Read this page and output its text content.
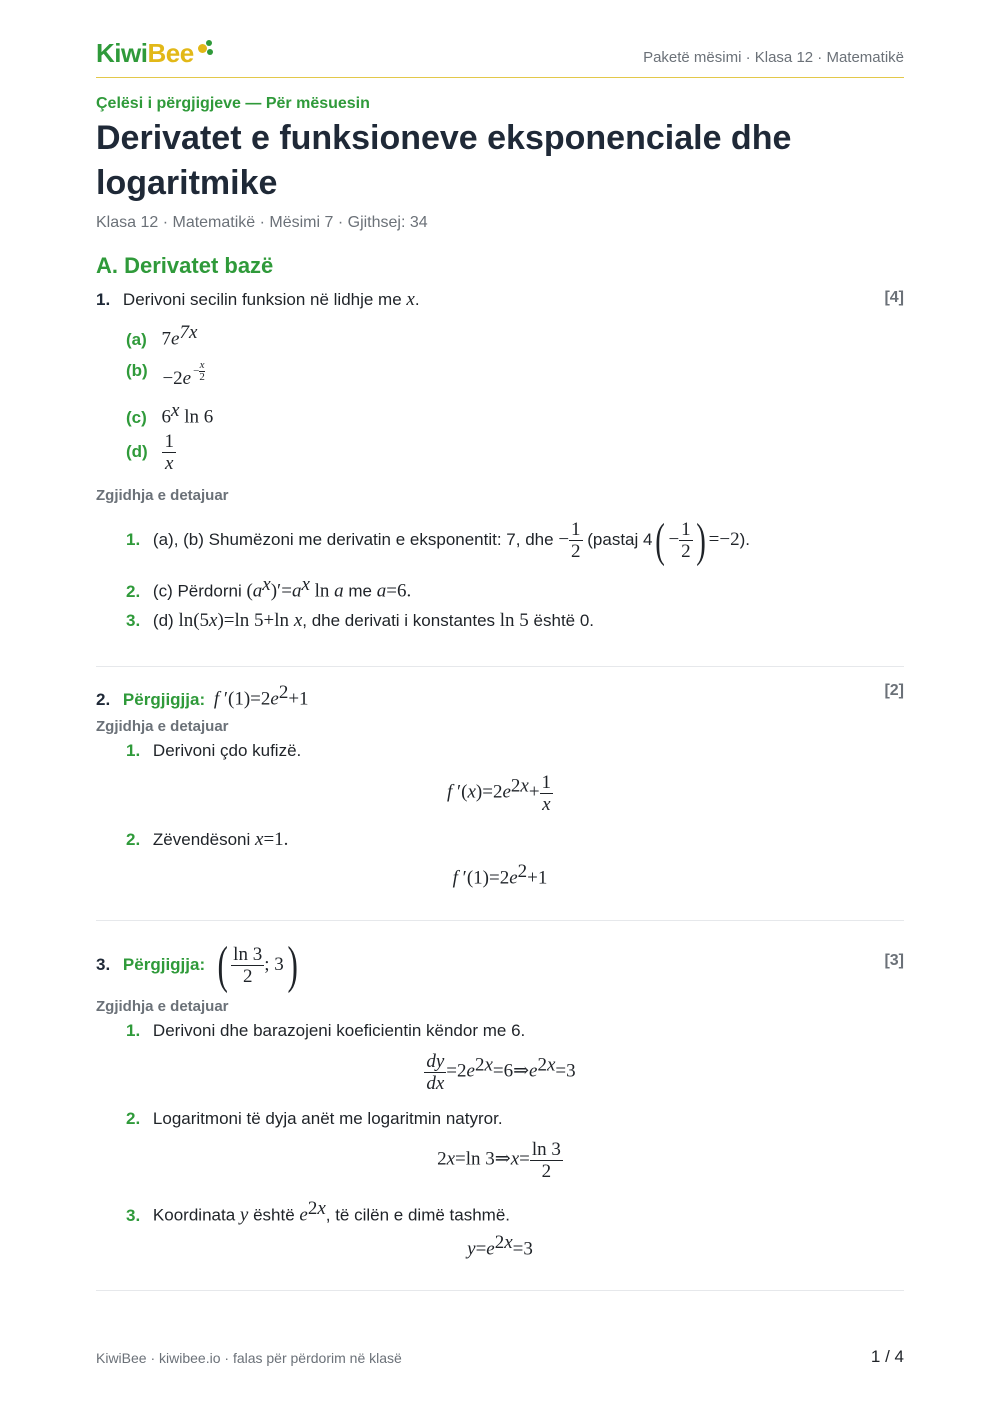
KiwiBee	Paketë mësimi · Klasa 12 · Matematikë
Çelësi i përgjigjeve — Për mësuesin
Derivatet e funksioneve eksponenciale dhe logaritmike
Klasa 12 · Matematikë · Mësimi 7 · Gjithsej: 34
A. Derivatet bazë
1. Derivoni secilin funksion në lidhje me x.	[4]
(a) $7e^{7x}$
$(b) -2e - \frac{x}{2}$
(c) 6$^x$ ln 6
$(d) \frac{1}{x}$
Zgjidhja e detajuar
1. (a), (b) Shumëzoni me derivatin e eksponentit: 7, dhe − $\frac{1}{2}$ (pastaj $4( - \frac{1}{2}$ ) =−2).
2. (c) Përdorni $(a^x)'=a^x$ ln a me a=6.
3. (d) ln(5x)=ln 5+ln x, dhe derivati i konstantes ln 5 është 0.
2. Përgjigjja: f $'(1)=2e^2+1$	[2]
Zgjidhja e detajuar
1. Derivoni çdo kufizë.
f $'(x)=2e^{2x}+ \frac{1}{x}$
2. Zëvendësoni x=1.
f $'(1)=2e^2+1$
3. Përgjigjja: ( $\frac{\ln 3}{2}$ ; 3)	[3]
Zgjidhja e detajuar
1. Derivoni dhe barazojeni koeficientin këndor me 6.
$\frac{dy}{dx}$ $=2e^{2x}=6\Rightarrow e^{2x}=3$
2. Logaritmoni të dyja anët me logaritmin natyror.
2x=ln 3⇒x= $\frac{\ln 3}{2}$
3. Koordinata y është $e^{2x}$, të cilën e dimë tashmë.
$y=e^{2x}=3$
KiwiBee · kiwibee.io · falas për përdorim në klasë	1 / 4
